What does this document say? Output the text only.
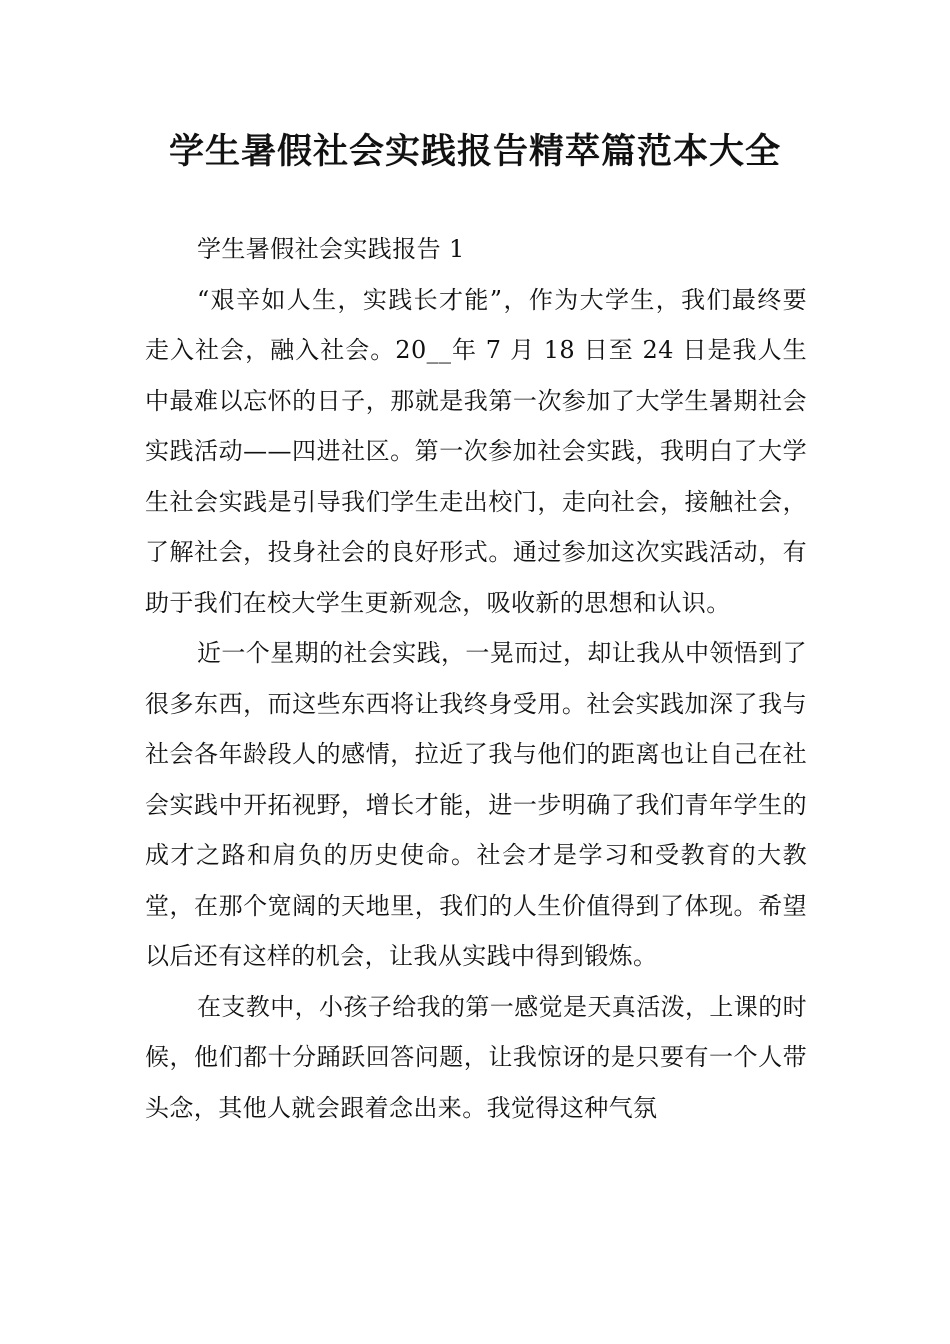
学生暑假社会实践报告精萃篇范本大全

学生暑假社会实践报告 1

“艰辛如人生，实践长才能”，作为大学生，我们最终要走入社会，融入社会。20__年 7 月 18 日至 24 日是我人生中最难以忘怀的日子，那就是我第一次参加了大学生暑期社会实践活动——四进社区。第一次参加社会实践，我明白了大学生社会实践是引导我们学生走出校门，走向社会，接触社会，了解社会，投身社会的良好形式。通过参加这次实践活动，有助于我们在校大学生更新观念，吸收新的思想和认识。

近一个星期的社会实践，一晃而过，却让我从中领悟到了很多东西，而这些东西将让我终身受用。社会实践加深了我与社会各年龄段人的感情，拉近了我与他们的距离也让自己在社会实践中开拓视野，增长才能，进一步明确了我们青年学生的成才之路和肩负的历史使命。社会才是学习和受教育的大教堂，在那个宽阔的天地里，我们的人生价值得到了体现。希望以后还有这样的机会，让我从实践中得到锻炼。

在支教中，小孩子给我的第一感觉是天真活泼，上课的时候，他们都十分踊跃回答问题，让我惊讶的是只要有一个人带头念，其他人就会跟着念出来。我觉得这种气氛
